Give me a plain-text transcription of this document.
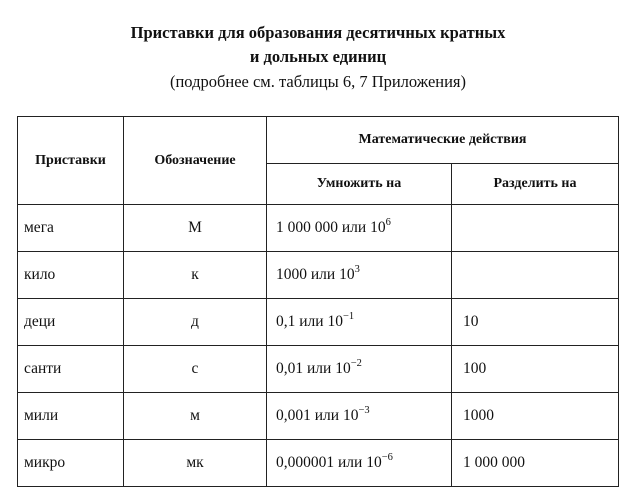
Приставки для образования десятичных кратных
и дольных единиц
(подробнее см. таблицы 6, 7 Приложения)
Приставки	Обозначение	Математические действия	
		Умножить на	Разделить на
мега	М	1 000 000 или $10^6$	
кило	к	1000 или $10^3$	
деци	д	0,1 или $10^{-1}$	10
санти	с	0,01 или $10^{-2}$	100
мили	м	0,001 или $10^{-3}$	1000
микро	мк	0,000001 или $10^{-6}$	1 000 000
